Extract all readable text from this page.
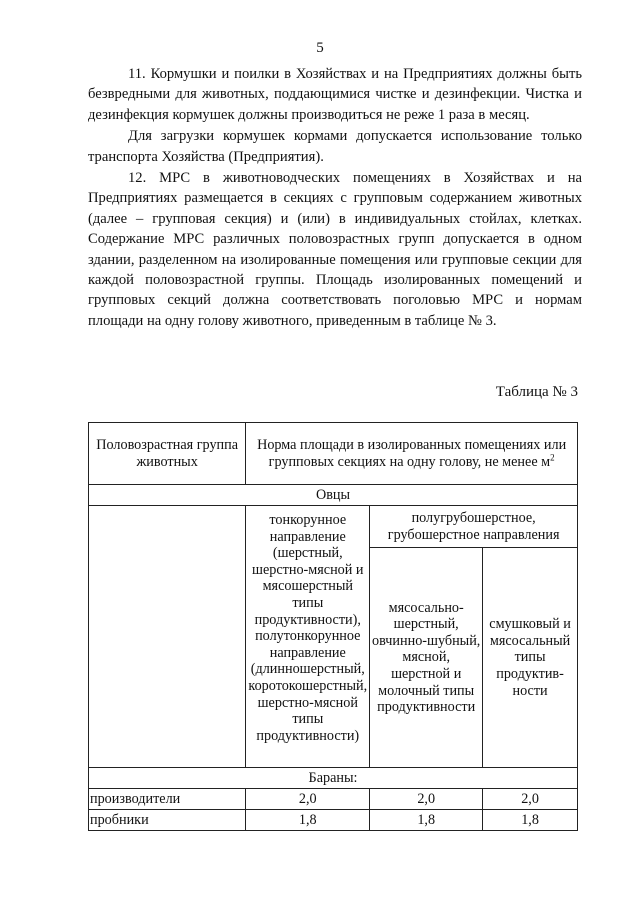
5

11. Кормушки и поилки в Хозяйствах и на Предприятиях должны быть безвредными для животных, поддающимися чистке и дезинфекции. Чистка и дезинфекция кормушек должны производиться не реже 1 раза в месяц.

Для загрузки кормушек кормами допускается использование только транспорта Хозяйства (Предприятия).

12. МРС в животноводческих помещениях в Хозяйствах и на Предприятиях размещается в секциях с групповым содержанием животных (далее – групповая секция) и (или) в индивидуальных стойлах, клетках. Содержание МРС различных половозрастных групп допускается в одном здании, разделенном на изолированные помещения или групповые секции для каждой половозрастной группы. Площадь изолированных помещений и групповых секций должна соответствовать поголовью МРС и нормам площади на одну голову животного, приведенным в таблице № 3.

Таблица № 3
Половозрастная группа животных	Норма площади в изолированных помещениях или групповых секциях на одну голову, не менее $м^2$
Овцы			
	тонкорунное направление (шерстный, шерстно-мясной и мясошерстный типы продуктивности), полутонкорунное направление (длинношерстный, коротокошерстный, шерстно-мясной типы продуктивности)	полугрубошерстное, грубошерстное направления	
		мясосально-шерстный, овчинно-шубный, мясной, шерстной и молочный типы продуктивности	смушковый и мясосальный типы продуктив-ности
Бараны:			
производители	2,0	2,0	2,0
пробники	1,8	1,8	1,8
